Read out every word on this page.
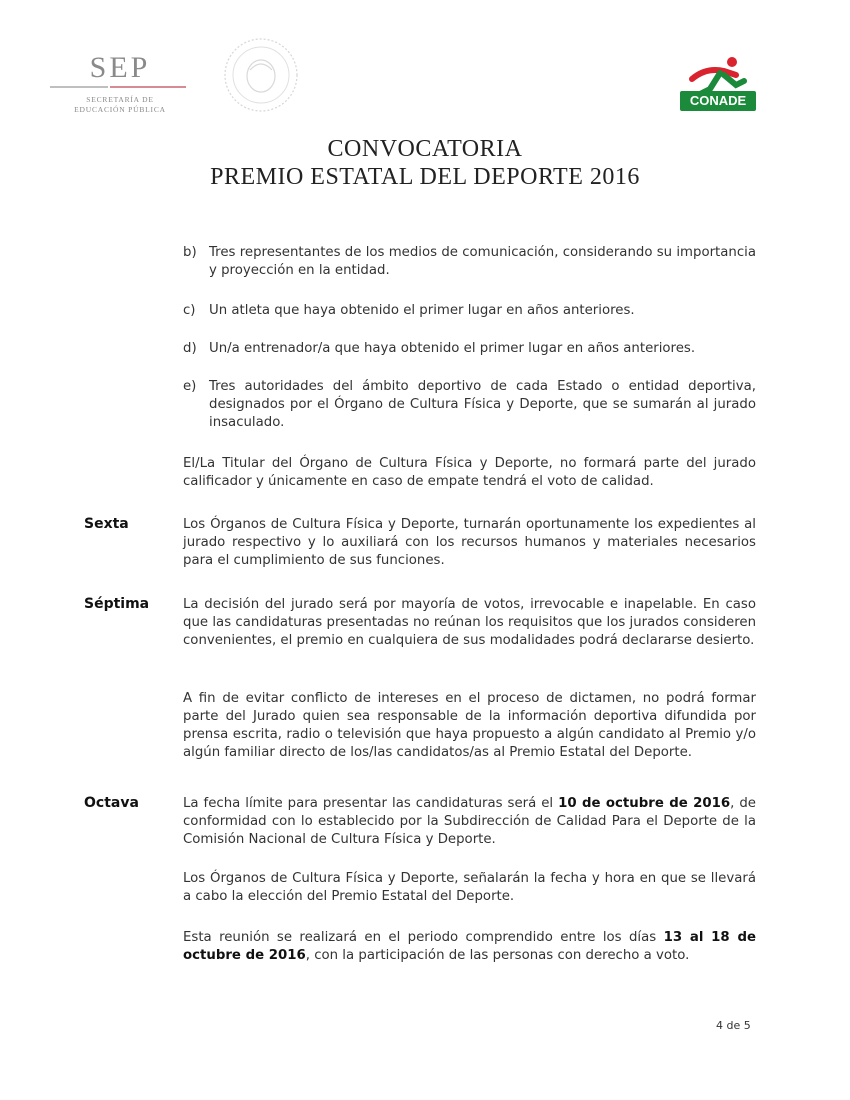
SEP
SECRETARÍA DE
EDUCACIÓN PÚBLICA
CONADE
CONVOCATORIA
PREMIO ESTATAL DEL DEPORTE 2016
b) Tres representantes de los medios de comunicación, considerando su importancia y proyección en la entidad.

c) Un atleta que haya obtenido el primer lugar en años anteriores.

d) Un/a entrenador/a que haya obtenido el primer lugar en años anteriores.

e) Tres autoridades del ámbito deportivo de cada Estado o entidad deportiva, designados por el Órgano de Cultura Física y Deporte, que se sumarán al jurado insaculado.

El/La Titular del Órgano de Cultura Física y Deporte, no formará parte del jurado calificador y únicamente en caso de empate tendrá el voto de calidad.

Sexta	Los Órganos de Cultura Física y Deporte, turnarán oportunamente los expedientes al jurado respectivo y lo auxiliará con los recursos humanos y materiales necesarios para el cumplimiento de sus funciones.

Séptima	La decisión del jurado será por mayoría de votos, irrevocable e inapelable. En caso que las candidaturas presentadas no reúnan los requisitos que los jurados consideren convenientes, el premio en cualquiera de sus modalidades podrá declararse desierto.

A fin de evitar conflicto de intereses en el proceso de dictamen, no podrá formar parte del Jurado quien sea responsable de la información deportiva difundida por prensa escrita, radio o televisión que haya propuesto a algún candidato al Premio y/o algún familiar directo de los/las candidatos/as al Premio Estatal del Deporte.

Octava	La fecha límite para presentar las candidaturas será el 10 de octubre de 2016, de conformidad con lo establecido por la Subdirección de Calidad Para el Deporte de la Comisión Nacional de Cultura Física y Deporte.

Los Órganos de Cultura Física y Deporte, señalarán la fecha y hora en que se llevará a cabo la elección del Premio Estatal del Deporte.

Esta reunión se realizará en el periodo comprendido entre los días 13 al 18 de octubre de 2016, con la participación de las personas con derecho a voto.

4 de 5
